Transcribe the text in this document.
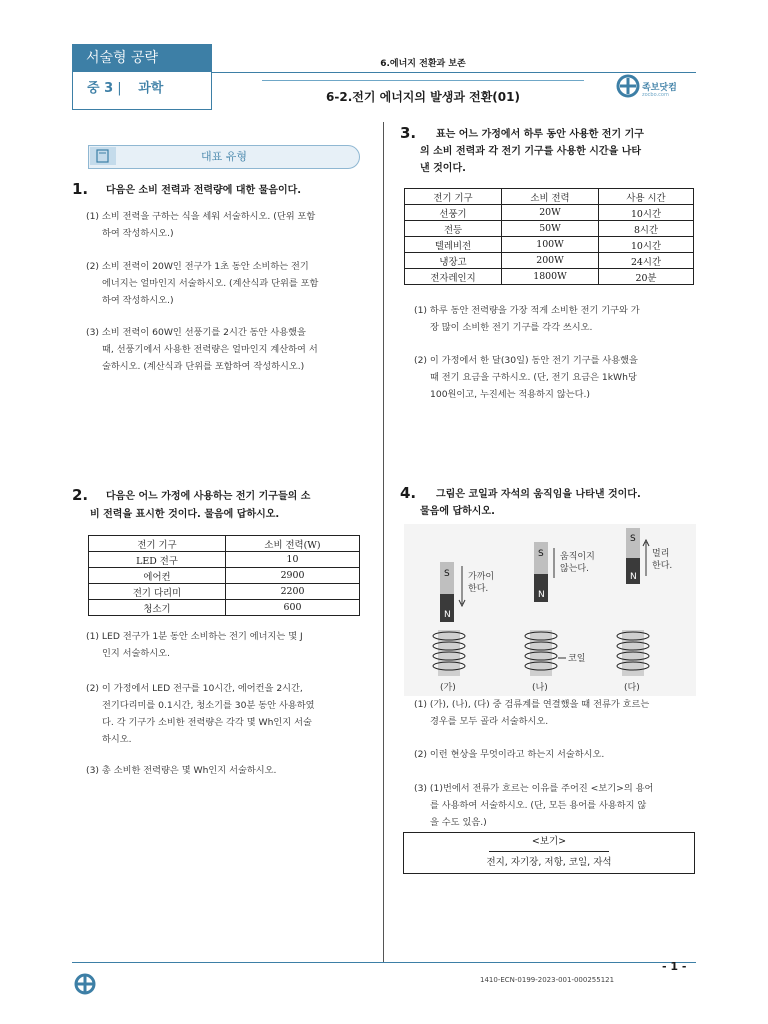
서술형 공략
중 3 |    과학
6.에너지 전환과 보존
6-2.전기 에너지의 발생과 전환(01)
족보닷컴
zocbo.com
대표 유형
1. 다음은 소비 전력과 전력량에 대한 물음이다.
(1) 소비 전력을 구하는 식을 세워 서술하시오. (단위 포함
하여 작성하시오.)
(2) 소비 전력이 20W인 전구가 1초 동안 소비하는 전기
에너지는 얼마인지 서술하시오. (계산식과 단위를 포함
하여 작성하시오.)
(3) 소비 전력이 60W인 선풍기를 2시간 동안 사용했을
때, 선풍기에서 사용한 전력량은 얼마인지 계산하여 서
술하시오. (계산식과 단위를 포함하여 작성하시오.)
2. 다음은 어느 가정에 사용하는 전기 기구들의 소
비 전력을 표시한 것이다. 물음에 답하시오.
전기 기구	소비 전력(W)
LED 전구	10
에어컨	2900
전기 다리미	2200
청소기	600
(1) LED 전구가 1분 동안 소비하는 전기 에너지는 몇 J
인지 서술하시오.
(2) 이 가정에서 LED 전구를 10시간, 에어컨을 2시간,
전기다리미를 0.1시간, 청소기를 30분 동안 사용하였
다. 각 기구가 소비한 전력량은 각각 몇 Wh인지 서술
하시오.
(3) 총 소비한 전력량은 몇 Wh인지 서술하시오.
3. 표는 어느 가정에서 하루 동안 사용한 전기 기구
의 소비 전력과 각 전기 기구를 사용한 시간을 나타
낸 것이다.
전기 기구	소비 전력	사용 시간
선풍기	20W	10시간
전등	50W	8시간
텔레비전	100W	10시간
냉장고	200W	24시간
전자레인지	1800W	20분
(1) 하루 동안 전력량을 가장 적게 소비한 전기 기구와 가
장 많이 소비한 전기 기구를 각각 쓰시오.
(2) 이 가정에서 한 달(30일) 동안 전기 기구를 사용했을
때 전기 요금을 구하시오. (단, 전기 요금은 1kWh당
100원이고, 누진세는 적용하지 않는다.)
4. 그림은 코일과 자석의 움직임을 나타낸 것이다.
물음에 답하시오.
S
N
가까이
한다.
S
N
움직이지
않는다.
S
N
멀리
한다.
코일
(가)	(나)	(다)
(1) (가), (나), (다) 중 검류계를 연결했을 때 전류가 흐르는
경우를 모두 골라 서술하시오.
(2) 이런 현상을 무엇이라고 하는지 서술하시오.
(3) (1)번에서 전류가 흐르는 이유를 주어진 <보기>의 용어
를 사용하여 서술하시오. (단, 모든 용어를 사용하지 않
을 수도 있음.)
<보기>
전지, 자기장, 저항, 코일, 자석
- 1 -
1410-ECN-0199-2023-001-000255121
